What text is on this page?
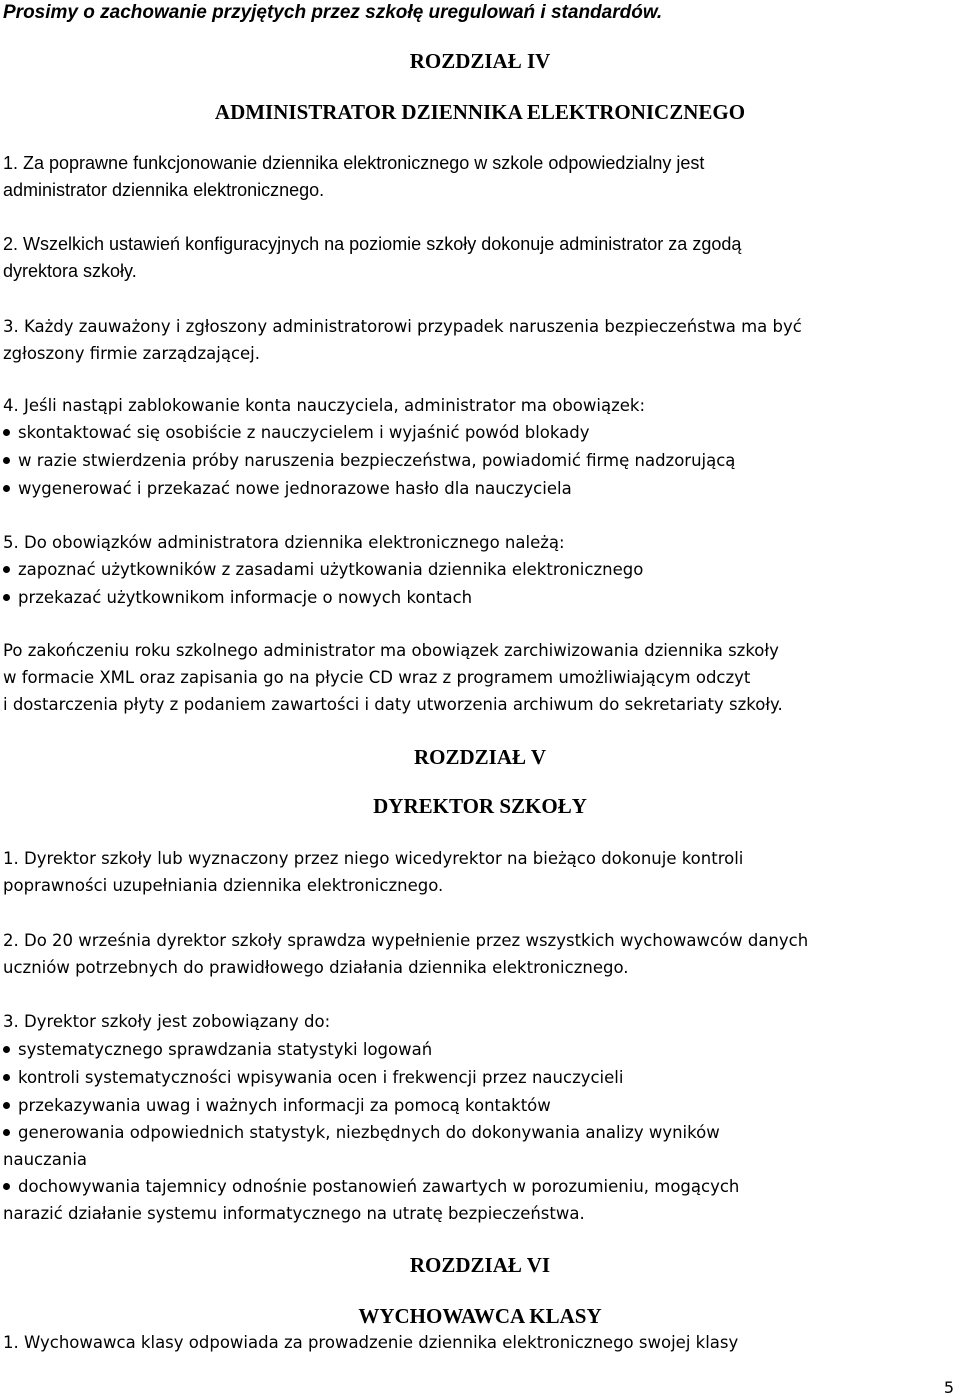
Prosimy o zachowanie przyjętych przez szkołę uregulowań i standardów.

ROZDZIAŁ IV
ADMINISTRATOR DZIENNIKA ELEKTRONICZNEGO
1. Za poprawne funkcjonowanie dziennika elektronicznego w szkole odpowiedzialny jest
administrator dziennika elektronicznego.
2. Wszelkich ustawień konfiguracyjnych na poziomie szkoły dokonuje administrator za zgodą
dyrektora szkoły.
3. Każdy zauważony i zgłoszony administratorowi przypadek naruszenia bezpieczeństwa ma być
zgłoszony firmie zarządzającej.
4. Jeśli nastąpi zablokowanie konta nauczyciela, administrator ma obowiązek:
skontaktować się osobiście z nauczycielem i wyjaśnić powód blokady
w razie stwierdzenia próby naruszenia bezpieczeństwa, powiadomić firmę nadzorującą
wygenerować i przekazać nowe jednorazowe hasło dla nauczyciela
5. Do obowiązków administratora dziennika elektronicznego należą:
zapoznać użytkowników z zasadami użytkowania dziennika elektronicznego
przekazać użytkownikom informacje o nowych kontach
Po zakończeniu roku szkolnego administrator ma obowiązek zarchiwizowania dziennika szkoły
w formacie XML oraz zapisania go na płycie CD wraz z programem umożliwiającym odczyt
i dostarczenia płyty z podaniem zawartości i daty utworzenia archiwum do sekretariaty szkoły.
ROZDZIAŁ V
DYREKTOR SZKOŁY
1. Dyrektor szkoły lub wyznaczony przez niego wicedyrektor na bieżąco dokonuje kontroli
poprawności uzupełniania dziennika elektronicznego.
2. Do 20 września dyrektor szkoły sprawdza wypełnienie przez wszystkich wychowawców danych
uczniów potrzebnych do prawidłowego działania dziennika elektronicznego.
3. Dyrektor szkoły jest zobowiązany do:
systematycznego sprawdzania statystyki logowań
kontroli systematyczności wpisywania ocen i frekwencji przez nauczycieli
przekazywania uwag i ważnych informacji za pomocą kontaktów
generowania odpowiednich statystyk, niezbędnych do dokonywania analizy wyników
nauczania
dochowywania tajemnicy odnośnie postanowień zawartych w porozumieniu, mogących
narazić działanie systemu informatycznego na utratę bezpieczeństwa.
ROZDZIAŁ VI
WYCHOWAWCA KLASY
1. Wychowawca klasy odpowiada za prowadzenie dziennika elektronicznego swojej klasy
5
